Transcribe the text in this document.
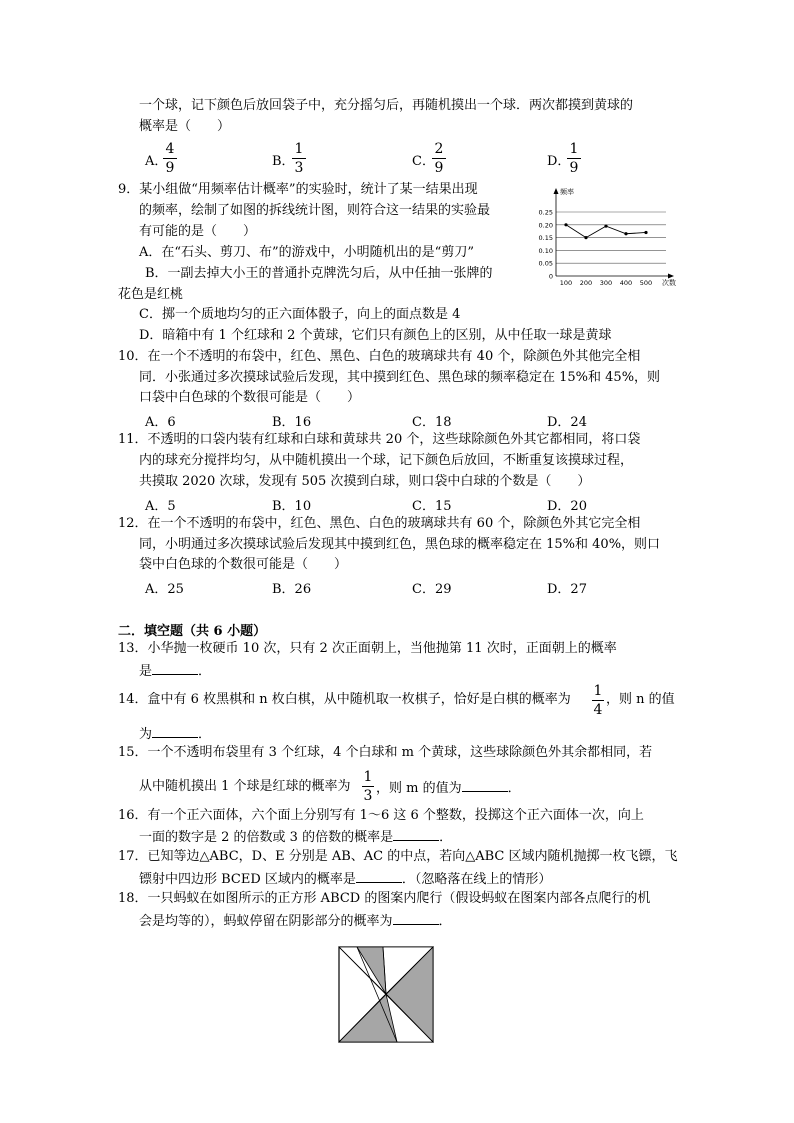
一个球，记下颜色后放回袋子中，充分摇匀后，再随机摸出一个球．两次都摸到黄球的
概率是（　　）
A．
4
9	B．
1
3	C．
2
9	D．
1
9
9．某小组做“用频率估计概率”的实验时，统计了某一结果出现
的频率，绘制了如图的拆线统计图，则符合这一结果的实验最
有可能的是（　　）
A．在“石头、剪刀、布”的游戏中，小明随机出的是“剪刀”
B．一副去掉大小王的普通扑克牌洗匀后，从中任抽一张牌的
花色是红桃
C．掷一个质地均匀的正六面体骰子，向上的面点数是 4
D．暗箱中有 1 个红球和 2 个黄球，它们只有颜色上的区别，从中任取一球是黄球
0.25
0.20
0.15
0.10
0.05
0
100 200 300 400 500
频率
次数
10．在一个不透明的布袋中，红色、黑色、白色的玻璃球共有 40 个，除颜色外其他完全相
同．小张通过多次摸球试验后发现，其中摸到红色、黑色球的频率稳定在 15%和 45%，则
口袋中白色球的个数很可能是（　　）
A．6	B．16	C．18	D．24
11．不透明的口袋内装有红球和白球和黄球共 20 个，这些球除颜色外其它都相同，将口袋
内的球充分搅拌均匀，从中随机摸出一个球，记下颜色后放回，不断重复该摸球过程，
共摸取 2020 次球，发现有 505 次摸到白球，则口袋中白球的个数是（　　）
A．5	B．10	C．15	D．20
12．在一个不透明的布袋中，红色、黑色、白色的玻璃球共有 60 个，除颜色外其它完全相
同，小明通过多次摸球试验后发现其中摸到红色，黑色球的概率稳定在 15%和 40%，则口
袋中白色球的个数很可能是（　　）
A．25	B．26	C．29	D．27
二．填空题（共 6 小题）
13．小华抛一枚硬币 10 次，只有 2 次正面朝上，当他抛第 11 次时，正面朝上的概率
是	．
14．盒中有 6 枚黑棋和 n 枚白棋，从中随机取一枚棋子，恰好是白棋的概率为
1
4
，则 n 的值
为	．
15．一个不透明布袋里有 3 个红球，4 个白球和 m 个黄球，这些球除颜色外其余都相同，若
从中随机摸出 1 个球是红球的概率为
1
3 ，则 m 的值为	．
16．有一个正六面体，六个面上分别写有 1～6 这 6 个整数，投掷这个正六面体一次，向上
一面的数字是 2 的倍数或 3 的倍数的概率是	．
17．已知等边△ABC，D、E 分别是 AB、AC 的中点，若向△ABC 区域内随机抛掷一枚飞镖，飞
镖射中四边形 BCED 区域内的概率是	．（忽略落在线上的情形）
18．一只蚂蚁在如图所示的正方形 ABCD 的图案内爬行（假设蚂蚁在图案内部各点爬行的机
会是均等的），蚂蚁停留在阴影部分的概率为	．
